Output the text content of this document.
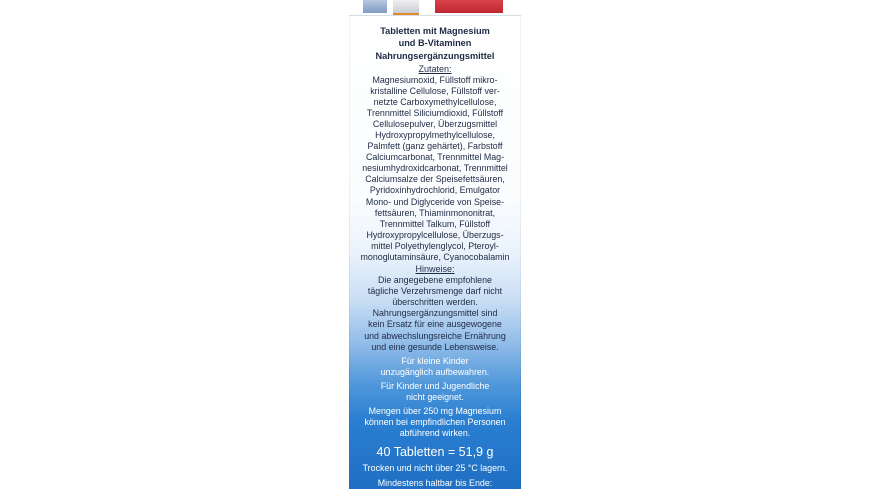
Tabletten mit Magnesium
und B-Vitaminen
Nahrungsergänzungsmittel
Zutaten:
Magnesiumoxid, Füllstoff mikro-
kristalline Cellulose, Füllstoff ver-
netzte Carboxymethylcellulose,
Trennmittel Siliciumdioxid, Füllstoff
Cellulosepulver, Überzugsmittel
Hydroxypropylmethylcellulose,
Palmfett (ganz gehärtet), Farbstoff
Calciumcarbonat, Trennmittel Mag-
nesiumhydroxidcarbonat, Trennmittel
Calciumsalze der Speisefettsäuren,
Pyridoxinhydrochlorid, Emulgator
Mono- und Diglyceride von Speise-
fettsäuren, Thiaminmononitrat,
Trennmittel Talkum, Füllstoff
Hydroxypropylcellulose, Überzugs-
mittel Polyethylenglycol, Pteroyl-
monoglutaminsäure, Cyanocobalamin
Hinweise:
Die angegebene empfohlene
tägliche Verzehrsmenge darf nicht
überschritten werden.
Nahrungsergänzungsmittel sind
kein Ersatz für eine ausgewogene
und abwechslungsreiche Ernährung
und eine gesunde Lebensweise.
Für kleine Kinder
unzugänglich aufbewahren.
Für Kinder und Jugendliche
nicht geeignet.
Mengen über 250 mg Magnesium
können bei empfindlichen Personen
abführend wirken.
40 Tabletten = 51,9 g
Trocken und nicht über 25 °C lagern.
Mindestens haltbar bis Ende:
siehe Bodenlasche
